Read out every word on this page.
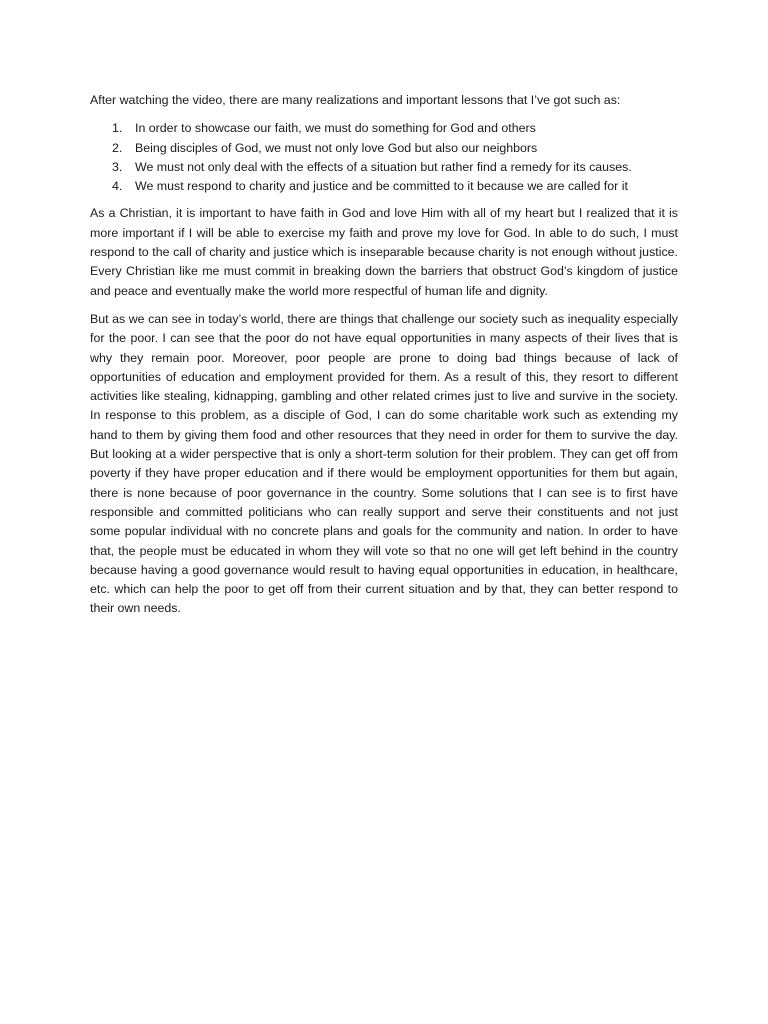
After watching the video, there are many realizations and important lessons that I’ve got such as:

1.	In order to showcase our faith, we must do something for God and others
2.	Being disciples of God, we must not only love God but also our neighbors
3.	We must not only deal with the effects of a situation but rather find a remedy for its causes.
4.	We must respond to charity and justice and be committed to it because we are called for it

As a Christian, it is important to have faith in God and love Him with all of my heart but I realized that it is more important if I will be able to exercise my faith and prove my love for God. In able to do such, I must respond to the call of charity and justice which is inseparable because charity is not enough without justice. Every Christian like me must commit in breaking down the barriers that obstruct God’s kingdom of justice and peace and eventually make the world more respectful of human life and dignity.

But as we can see in today’s world, there are things that challenge our society such as inequality especially for the poor. I can see that the poor do not have equal opportunities in many aspects of their lives that is why they remain poor. Moreover, poor people are prone to doing bad things because of lack of opportunities of education and employment provided for them. As a result of this, they resort to different activities like stealing, kidnapping, gambling and other related crimes just to live and survive in the society. In response to this problem, as a disciple of God, I can do some charitable work such as extending my hand to them by giving them food and other resources that they need in order for them to survive the day. But looking at a wider perspective that is only a short-term solution for their problem. They can get off from poverty if they have proper education and if there would be employment opportunities for them but again, there is none because of poor governance in the country. Some solutions that I can see is to first have responsible and committed politicians who can really support and serve their constituents and not just some popular individual with no concrete plans and goals for the community and nation. In order to have that, the people must be educated in whom they will vote so that no one will get left behind in the country because having a good governance would result to having equal opportunities in education, in healthcare, etc. which can help the poor to get off from their current situation and by that, they can better respond to their own needs.
